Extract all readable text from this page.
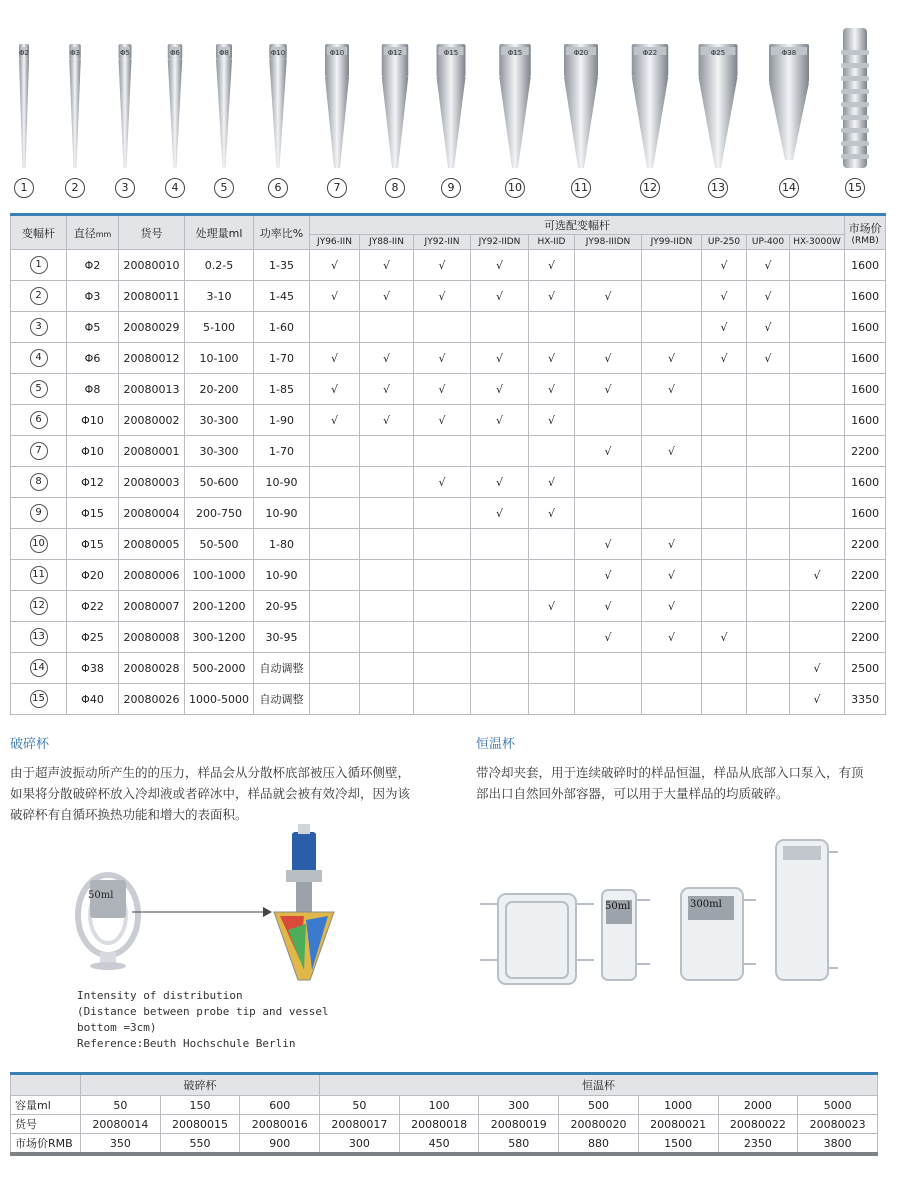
1
Φ2
2
Φ3
3
Φ5
4
Φ6
5
Φ8
6
Φ10
7
Φ10
8
Φ12
9
Φ15
10
Φ15
11
Φ20
12
Φ22
13
Φ25
14
Φ38
15
变幅杆	直径mm	货号	处理量ml	功率比%	可选配变幅杆										市场价
(RMB)

					JY96-IIN	JY88-IIN	JY92-IIN	JY92-IIDN	HX-IID	JY98-IIIDN	JY99-IIDN	UP-250	UP-400	HX-3000W	
1	Φ2	20080010	0.2-5	1-35	√	√	√	√	√			√	√		1600
2	Φ3	20080011	3-10	1-45	√	√	√	√	√	√		√	√		1600
3	Φ5	20080029	5-100	1-60								√	√		1600
4	Φ6	20080012	10-100	1-70	√	√	√	√	√	√	√	√	√		1600
5	Φ8	20080013	20-200	1-85	√	√	√	√	√	√	√				1600
6	Φ10	20080002	30-300	1-90	√	√	√	√	√						1600
7	Φ10	20080001	30-300	1-70						√	√				2200
8	Φ12	20080003	50-600	10-90			√	√	√						1600
9	Φ15	20080004	200-750	10-90				√	√						1600
10	Φ15	20080005	50-500	1-80						√	√				2200
11	Φ20	20080006	100-1000	10-90						√	√			√	2200
12	Φ22	20080007	200-1200	20-95					√	√	√				2200
13	Φ25	20080008	300-1200	30-95						√	√	√			2200
14	Φ38	20080028	500-2000	自动调整										√	2500
15	Φ40	20080026	1000-5000	自动调整										√	3350
破碎杯
由于超声波振动所产生的的压力，样品会从分散杯底部被压入循环侧壁，如果将分散破碎杯放入冷却液或者碎冰中，样品就会被有效冷却，因为该破碎杯有自循环换热功能和增大的表面积。
50ml
Intensity of distribution
(Distance between probe tip and vessel
bottom =3cm)
Reference:Beuth Hochschule Berlin
恒温杯
带冷却夹套，用于连续破碎时的样品恒温，样品从底部入口泵入，有顶部出口自然回外部容器，可以用于大量样品的均质破碎。
50ml	300ml
	破碎杯			恒温杯						
容量ml	50	150	600	50	100	300	500	1000	2000	5000
货号	20080014	20080015	20080016	20080017	20080018	20080019	20080020	20080021	20080022	20080023
市场价RMB	350	550	900	300	450	580	880	1500	2350	3800
